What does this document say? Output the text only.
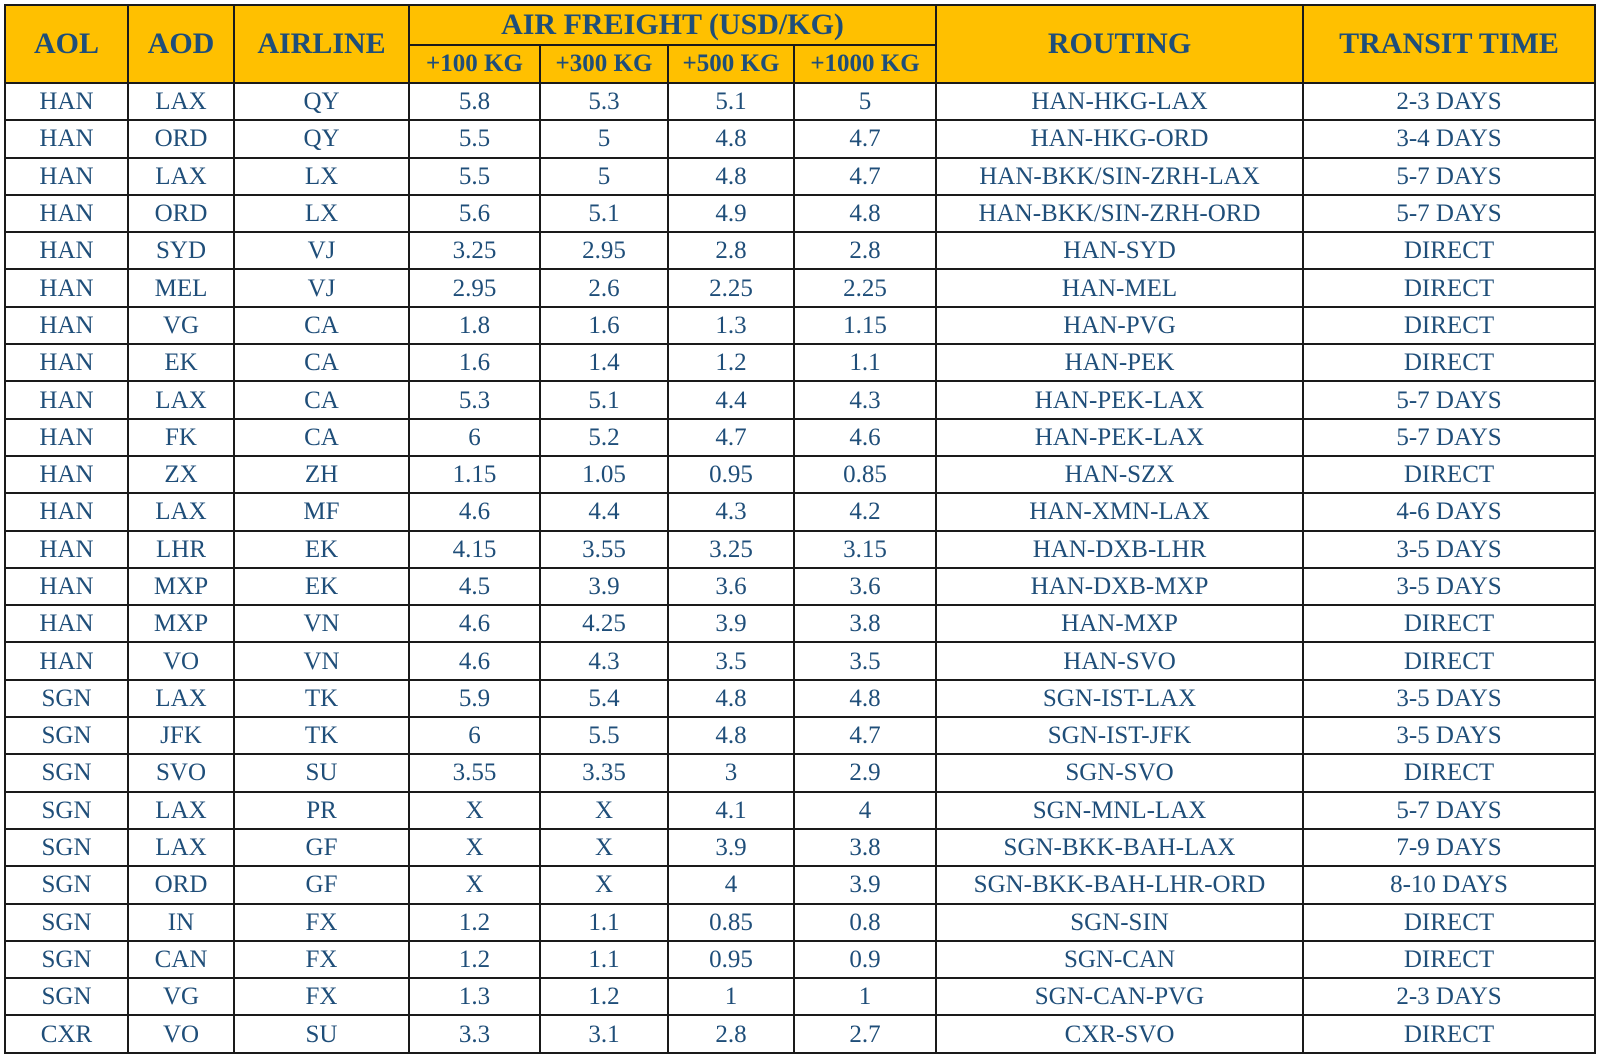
AOL	AOD	AIRLINE	AIR FREIGHT (USD/KG)				ROUTING	TRANSIT TIME
			+100 KG	+300 KG	+500 KG	+1000 KG		
HAN	LAX	QY	5.8	5.3	5.1	5	HAN-HKG-LAX	2-3 DAYS
HAN	ORD	QY	5.5	5	4.8	4.7	HAN-HKG-ORD	3-4 DAYS
HAN	LAX	LX	5.5	5	4.8	4.7	HAN-BKK/SIN-ZRH-LAX	5-7 DAYS
HAN	ORD	LX	5.6	5.1	4.9	4.8	HAN-BKK/SIN-ZRH-ORD	5-7 DAYS
HAN	SYD	VJ	3.25	2.95	2.8	2.8	HAN-SYD	DIRECT
HAN	MEL	VJ	2.95	2.6	2.25	2.25	HAN-MEL	DIRECT
HAN	VG	CA	1.8	1.6	1.3	1.15	HAN-PVG	DIRECT
HAN	EK	CA	1.6	1.4	1.2	1.1	HAN-PEK	DIRECT
HAN	LAX	CA	5.3	5.1	4.4	4.3	HAN-PEK-LAX	5-7 DAYS
HAN	FK	CA	6	5.2	4.7	4.6	HAN-PEK-LAX	5-7 DAYS
HAN	ZX	ZH	1.15	1.05	0.95	0.85	HAN-SZX	DIRECT
HAN	LAX	MF	4.6	4.4	4.3	4.2	HAN-XMN-LAX	4-6 DAYS
HAN	LHR	EK	4.15	3.55	3.25	3.15	HAN-DXB-LHR	3-5 DAYS
HAN	MXP	EK	4.5	3.9	3.6	3.6	HAN-DXB-MXP	3-5 DAYS
HAN	MXP	VN	4.6	4.25	3.9	3.8	HAN-MXP	DIRECT
HAN	VO	VN	4.6	4.3	3.5	3.5	HAN-SVO	DIRECT
SGN	LAX	TK	5.9	5.4	4.8	4.8	SGN-IST-LAX	3-5 DAYS
SGN	JFK	TK	6	5.5	4.8	4.7	SGN-IST-JFK	3-5 DAYS
SGN	SVO	SU	3.55	3.35	3	2.9	SGN-SVO	DIRECT
SGN	LAX	PR	X	X	4.1	4	SGN-MNL-LAX	5-7 DAYS
SGN	LAX	GF	X	X	3.9	3.8	SGN-BKK-BAH-LAX	7-9 DAYS
SGN	ORD	GF	X	X	4	3.9	SGN-BKK-BAH-LHR-ORD	8-10 DAYS
SGN	IN	FX	1.2	1.1	0.85	0.8	SGN-SIN	DIRECT
SGN	CAN	FX	1.2	1.1	0.95	0.9	SGN-CAN	DIRECT
SGN	VG	FX	1.3	1.2	1	1	SGN-CAN-PVG	2-3 DAYS
CXR	VO	SU	3.3	3.1	2.8	2.7	CXR-SVO	DIRECT
